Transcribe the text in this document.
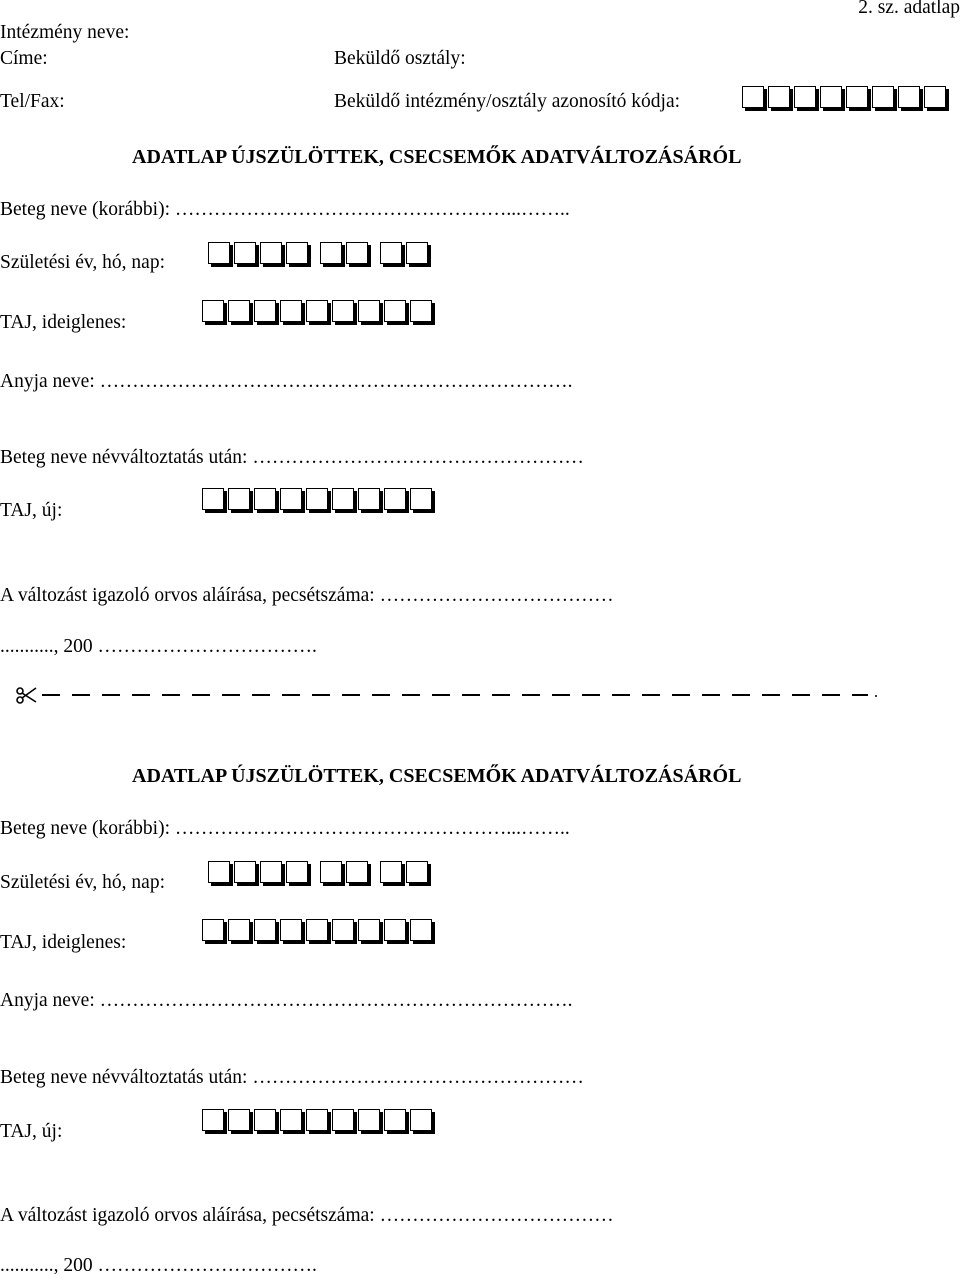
Intézmény neve:
Címe:
Tel/Fax:
Beküldő osztály:
Beküldő intézmény/osztály azonosító kódja:
2. sz. adatlap
ADATLAP ÚJSZÜLÖTTEK, CSECSEMŐK ADATVÁLTOZÁSÁRÓL
Beteg neve (korábbi): ……………………………………………...……..
Születési év, hó, nap:
TAJ, ideiglenes:
Anyja neve: ……………………………………………………………….
Beteg neve névváltoztatás után: ……………………………………………
TAJ, új:
A változást igazoló orvos aláírása, pecsétszáma: ………………………………
..........., 200 …………………………….
ADATLAP ÚJSZÜLÖTTEK, CSECSEMŐK ADATVÁLTOZÁSÁRÓL
Beteg neve (korábbi): ……………………………………………...……..
Születési év, hó, nap:
TAJ, ideiglenes:
Anyja neve: ……………………………………………………………….
Beteg neve névváltoztatás után: ……………………………………………
TAJ, új:
A változást igazoló orvos aláírása, pecsétszáma: ………………………………
..........., 200 …………………………….
